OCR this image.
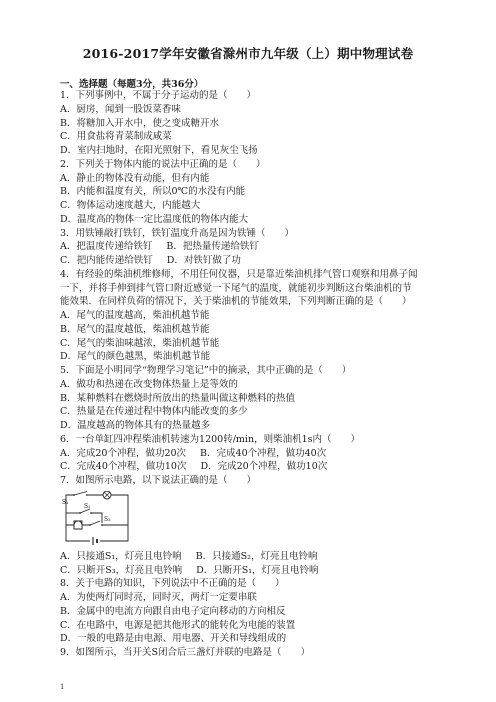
2016-2017学年安徽省滁州市九年级（上）期中物理试卷
一、选择题（每题3分，共36分）

1．下列事例中，不属于分子运动的是（　　）

A．厨房，闻到一股饭菜香味

B．将糖加入开水中，使之变成糖开水

C．用食盐将青菜制成咸菜

D．室内扫地时，在阳光照射下，看见灰尘飞扬

2．下列关于物体内能的说法中正确的是（　　）

A．静止的物体没有动能，但有内能

B．内能和温度有关，所以0℃的水没有内能

C．物体运动速度越大，内能越大

D．温度高的物体一定比温度低的物体内能大

3．用铁锤敲打铁钉，铁钉温度升高是因为铁锤（　　）

A．把温度传递给铁钉 B．把热量传递给铁钉

C．把内能传递给铁钉 D．对铁钉做了功

4．有经验的柴油机维修师，不用任何仪器，只是靠近柴油机排气管口观察和用鼻子闻

一下，并将手伸到排气管口附近感觉一下尾气的温度，就能初步判断这台柴油机的节

能效果．在同样负荷的情况下，关于柴油机的节能效果，下列判断正确的是（　　）

A．尾气的温度越高，柴油机越节能

B．尾气的温度越低，柴油机越节能

C．尾气的柴油味越浓，柴油机越节能

D．尾气的颜色越黑，柴油机越节能

5．下面是小明同学“物理学习笔记”中的摘录，其中正确的是（　　）

A．做功和热递在改变物体热量上是等效的

B．某种燃料在燃烧时所放出的热量叫做这种燃料的热值

C．热量是在传递过程中物体内能改变的多少

D．温度越高的物体具有的热量越多

6．一台单缸四冲程柴油机转速为1200转/min，则柴油机1s内（　　）

A．完成20个冲程，做功20次 B．完成40个冲程，做功40次

C．完成40个冲程，做功10次 D．完成20个冲程，做功10次

7．如图所示电路，以下说法正确的是（　　）

S₁
S₂
S₃

A．只接通S₁，灯亮且电铃响 B．只接通S₂，灯亮且电铃响

C．只断开S₃，灯亮且电铃响 D．只断开S₁，灯亮且电铃响

8．关于电路的知识，下列说法中不正确的是（　　）

A．为使两灯同时亮，同时灭，两灯一定要串联

B．金属中的电流方向跟自由电子定向移动的方向相反

C．在电路中，电源是把其他形式的能转化为电能的装置

D．一般的电路是由电源、用电器、开关和导线组成的

9．如图所示，当开关S闭合后三盏灯并联的电路是（　　）

1
